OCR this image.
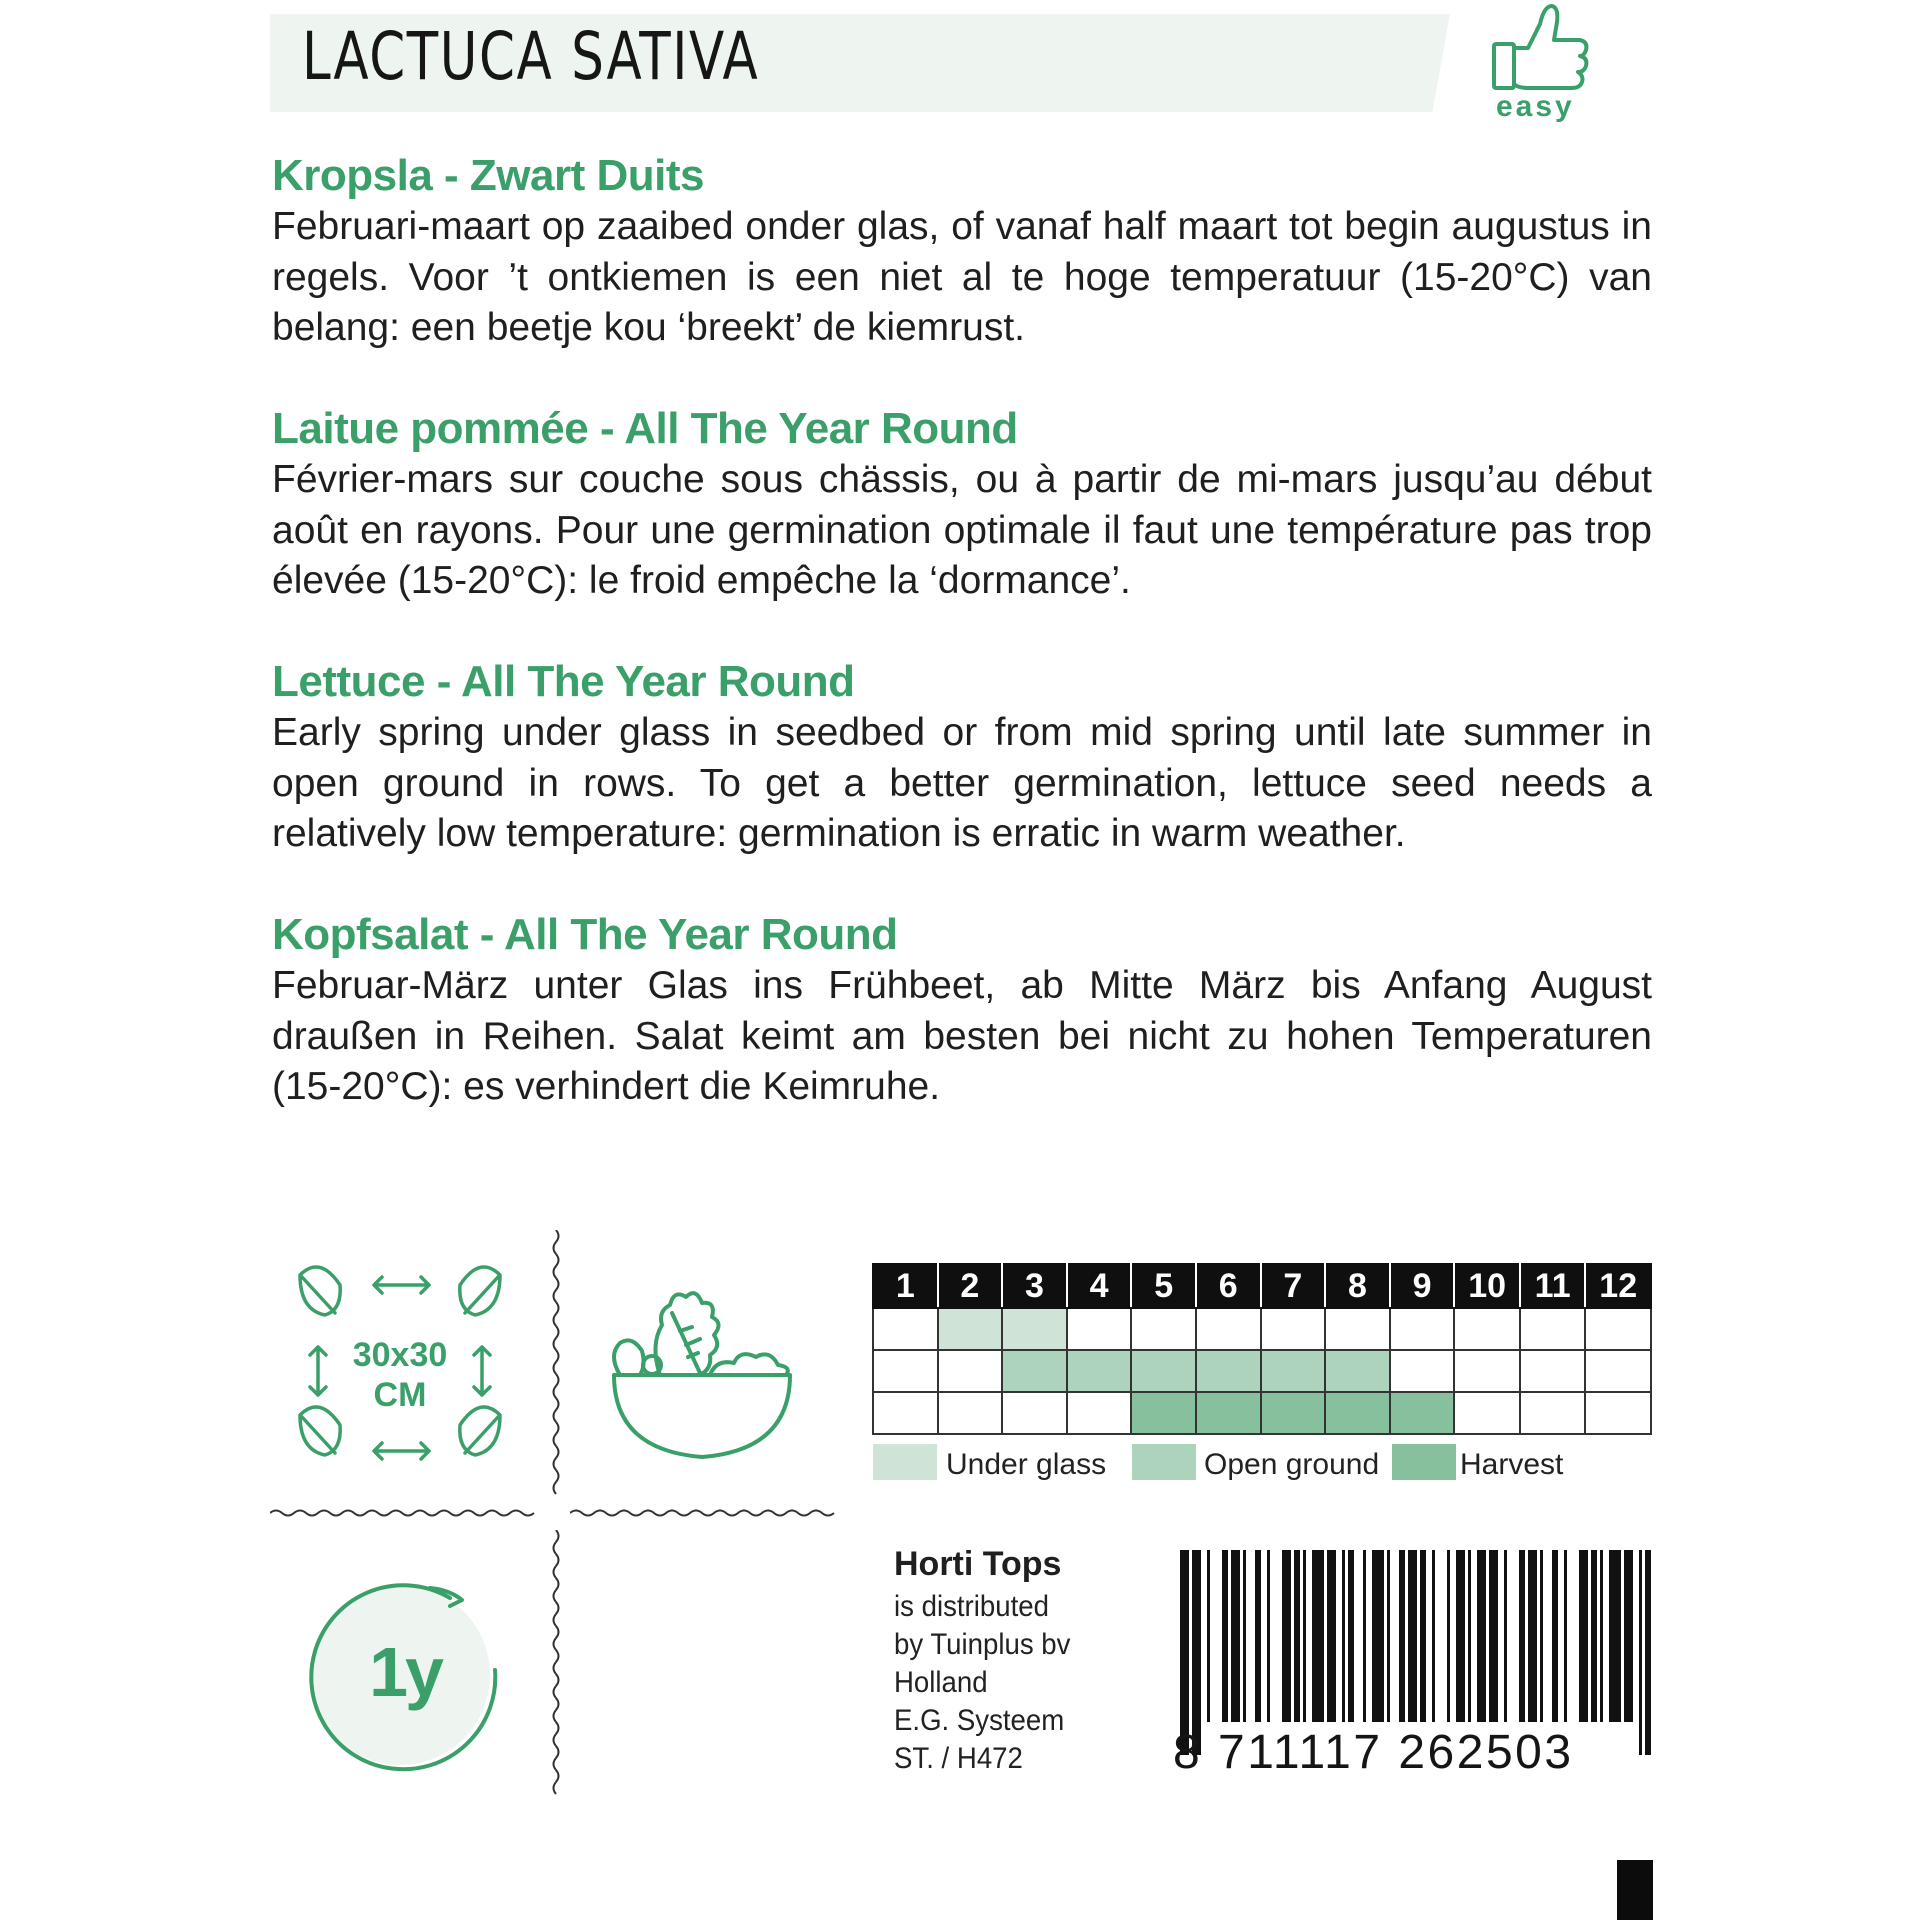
LACTUCA SATIVA
easy
Kropsla - Zwart Duits
Februari-maart op zaaibed onder glas, of vanaf half maart tot begin augustus in regels. Voor ’t ontkiemen is een niet al te hoge temperatuur (15-20°C) van belang: een beetje kou ‘breekt’ de kiemrust.
Laitue pommée - All The Year Round
Février-mars sur couche sous chässis, ou à partir de mi-mars jusqu’au début août en rayons. Pour une germination optimale il faut une température pas trop élevée (15-20°C): le froid empêche la ‘dormance’.
Lettuce - All The Year Round
Early spring under glass in seedbed or from mid spring until late summer in open ground in rows. To get a better germination, lettuce seed needs a relatively low temperature: germination is erratic in warm weather.
Kopfsalat - All The Year Round
Februar-März unter Glas ins Frühbeet, ab Mitte März bis Anfang August draußen in Reihen. Salat keimt am besten bei nicht zu hohen Temperaturen (15-20°C): es verhindert die Keimruhe.
30x30
CM
1	2	3	4	5	6	7	8	9	10	11	12

Under glass	Open ground	Harvest
1y
Horti Tops
is distributed
by Tuinplus bv
Holland
E.G. Systeem
ST. / H472	8 711117 262503
